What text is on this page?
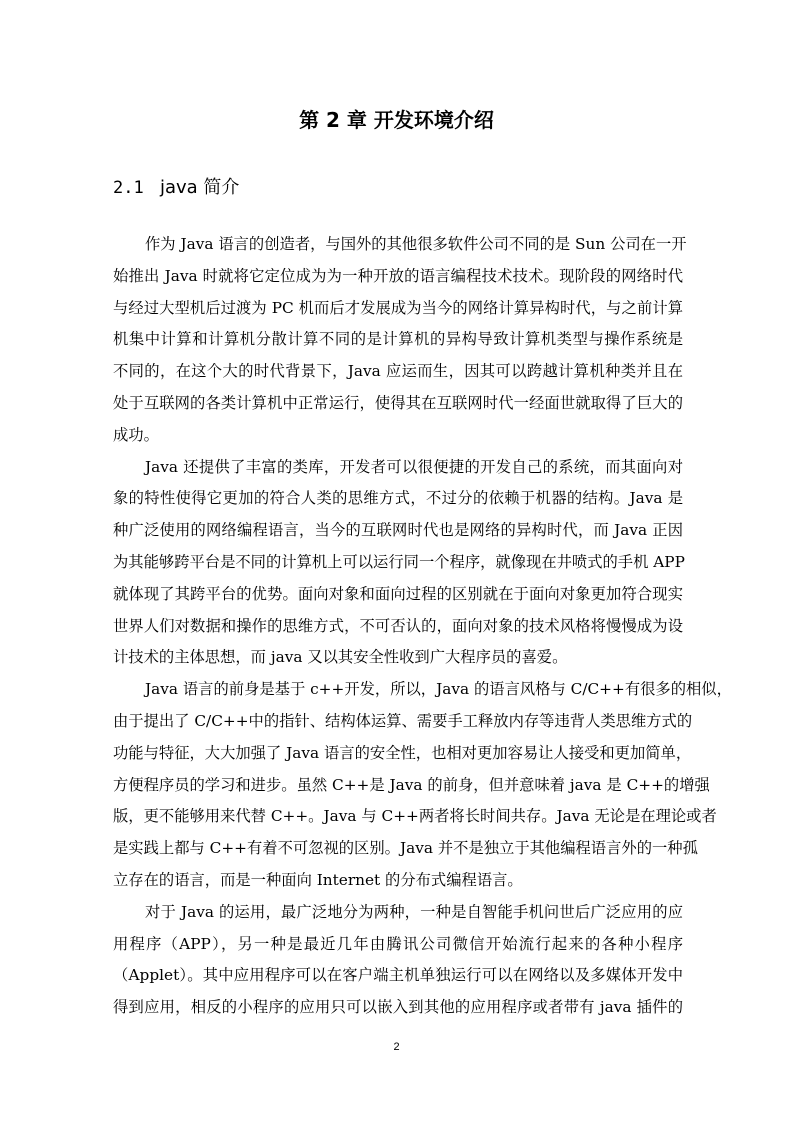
第 2 章 开发环境介绍
2.1 java 简介
作为 Java 语言的创造者，与国外的其他很多软件公司不同的是 Sun 公司在一开
始推出 Java 时就将它定位成为为一种开放的语言编程技术技术。现阶段的网络时代
与经过大型机后过渡为 PC 机而后才发展成为当今的网络计算异构时代，与之前计算
机集中计算和计算机分散计算不同的是计算机的异构导致计算机类型与操作系统是
不同的，在这个大的时代背景下，Java 应运而生，因其可以跨越计算机种类并且在
处于互联网的各类计算机中正常运行，使得其在互联网时代一经面世就取得了巨大的
成功。
Java 还提供了丰富的类库，开发者可以很便捷的开发自己的系统，而其面向对
象的特性使得它更加的符合人类的思维方式，不过分的依赖于机器的结构。Java 是
种广泛使用的网络编程语言，当今的互联网时代也是网络的异构时代，而 Java 正因
为其能够跨平台是不同的计算机上可以运行同一个程序，就像现在井喷式的手机 APP
就体现了其跨平台的优势。面向对象和面向过程的区别就在于面向对象更加符合现实
世界人们对数据和操作的思维方式，不可否认的，面向对象的技术风格将慢慢成为设
计技术的主体思想，而 java 又以其安全性收到广大程序员的喜爱。
Java 语言的前身是基于 c++开发，所以，Java 的语言风格与 C/C++有很多的相似，
由于提出了 C/C++中的指针、结构体运算、需要手工释放内存等违背人类思维方式的
功能与特征，大大加强了 Java 语言的安全性，也相对更加容易让人接受和更加简单，
方便程序员的学习和进步。虽然 C++是 Java 的前身，但并意味着 java 是 C++的增强
版，更不能够用来代替 C++。Java 与 C++两者将长时间共存。Java 无论是在理论或者
是实践上都与 C++有着不可忽视的区别。Java 并不是独立于其他编程语言外的一种孤
立存在的语言，而是一种面向 Internet 的分布式编程语言。
对于 Java 的运用，最广泛地分为两种，一种是自智能手机问世后广泛应用的应
用程序（APP），另一种是最近几年由腾讯公司微信开始流行起来的各种小程序
（Applet）。其中应用程序可以在客户端主机单独运行可以在网络以及多媒体开发中
得到应用，相反的小程序的应用只可以嵌入到其他的应用程序或者带有 java 插件的
2
